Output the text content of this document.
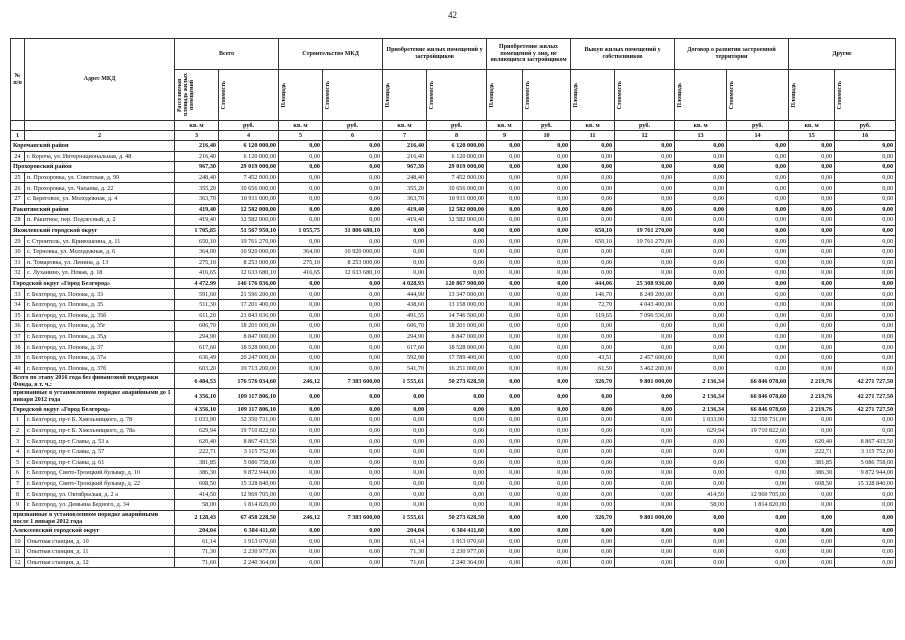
42
№ п/п	Адрес МКД	Всего		Строительство МКД		Приобретение жилых помещений у застройщиков		Приобретение жилых помещений у лиц, не являющихся застройщиком		Выкуп жилых помещений у собственников		Договор о развитии застроенной территории		Другие	

		Расселяемая площадь жилых помещений	Стоимость	Площадь	Стоимость	Площадь	Стоимость	Площадь	Стоимость	Площадь	Стоимость	Площадь	Стоимость	Площадь	Стоимость

		кв. м	руб.	кв. м	руб.	кв. м	руб.	кв. м	руб.	кв. м	руб.	кв. м	руб.	кв. м	руб.
1	2	3	4	5	6	7	8	9	10	11	12	13	14	15	16
Корочанский район		216,40	6 120 000,00	0,00	0,00	216,40	6 120 000,00	0,00	0,00	0,00	0,00	0,00	0,00	0,00	0,00
24	г. Короча, ул. Интернациональная, д. 48	216,40	6 120 000,00	0,00	0,00	216,40	6 120 000,00	0,00	0,00	0,00	0,00	0,00	0,00	0,00	0,00
Прохоровский район		967,30	29 019 000,00	0,00	0,00	967,30	29 019 000,00	0,00	0,00	0,00	0,00	0,00	0,00	0,00	0,00
25	п. Прохоровка, ул. Советская, д. 99	248,40	7 452 000,00	0,00	0,00	248,40	7 452 000,00	0,00	0,00	0,00	0,00	0,00	0,00	0,00	0,00
26	п. Прохоровка, ул. Чапаева, д. 22	355,20	10 656 000,00	0,00	0,00	355,20	10 656 000,00	0,00	0,00	0,00	0,00	0,00	0,00	0,00	0,00
27	с. Береговое, ул. Молодежная, д. 4	363,70	10 911 000,00	0,00	0,00	363,70	10 911 000,00	0,00	0,00	0,00	0,00	0,00	0,00	0,00	0,00
Ракитянский район		419,40	12 582 000,00	0,00	0,00	419,40	12 582 000,00	0,00	0,00	0,00	0,00	0,00	0,00	0,00	0,00
28	п. Ракитное, пер. Подлесный, д. 2	419,40	12 582 000,00	0,00	0,00	419,40	12 582 000,00	0,00	0,00	0,00	0,00	0,00	0,00	0,00	0,00
Яковлевский городской округ		1 705,85	51 567 950,10	1 055,75	31 806 680,10	0,00	0,00	0,00	0,00	650,10	19 761 270,00	0,00	0,00	0,00	0,00
29	г. Строитель, ул. Кривошеина, д. 11	650,10	19 761 270,00	0,00	0,00	0,00	0,00	0,00	0,00	650,10	19 761 270,00	0,00	0,00	0,00	0,00
30	с. Терновка, ул. Молодежная, д. 6	364,00	10 920 000,00	364,00	10 920 000,00	0,00	0,00	0,00	0,00	0,00	0,00	0,00	0,00	0,00	0,00
31	п. Томаровка, ул. Ленина, д. 13	275,10	8 253 000,00	275,10	8 253 000,00	0,00	0,00	0,00	0,00	0,00	0,00	0,00	0,00	0,00	0,00
32	с. Луханино, ул. Новая, д. 18	416,65	12 633 680,10	416,65	12 633 680,10	0,00	0,00	0,00	0,00	0,00	0,00	0,00	0,00	0,00	0,00
Городской округ «Город Белгород»		4 472,99	146 176 836,00	0,00	0,00	4 028,93	120 867 900,00	0,00	0,00	444,06	25 308 936,00	0,00	0,00	0,00	0,00
33	г. Белгород, ул. Попова, д. 33	591,60	21 596 200,00	0,00	0,00	444,90	13 347 000,00	0,00	0,00	146,70	8 249 200,00	0,00	0,00	0,00	0,00
34	г. Белгород, ул. Попова, д. 35	511,30	17 201 400,00	0,00	0,00	438,60	13 158 000,00	0,00	0,00	72,70	4 043 400,00	0,00	0,00	0,00	0,00
35	г. Белгород, ул. Попова, д. 35б	611,20	21 843 036,00	0,00	0,00	491,55	14 746 500,00	0,00	0,00	119,65	7 096 536,00	0,00	0,00	0,00	0,00
36	г. Белгород, ул. Попова, д. 35г	606,70	18 201 000,00	0,00	0,00	606,70	18 201 000,00	0,00	0,00	0,00	0,00	0,00	0,00	0,00	0,00
37	г. Белгород, ул. Попова, д. 35д	294,90	8 847 000,00	0,00	0,00	294,90	8 847 000,00	0,00	0,00	0,00	0,00	0,00	0,00	0,00	0,00
38	г. Белгород, ул. Попова, д. 37	617,60	18 528 000,00	0,00	0,00	617,60	18 528 000,00	0,00	0,00	0,00	0,00	0,00	0,00	0,00	0,00
39	г. Белгород, ул. Попова, д. 37а	636,49	20 247 000,00	0,00	0,00	592,98	17 789 400,00	0,00	0,00	43,51	2 457 600,00	0,00	0,00	0,00	0,00
40	г. Белгород, ул. Попова, д. 37б	603,20	19 713 200,00	0,00	0,00	541,70	16 251 000,00	0,00	0,00	61,50	3 462 200,00	0,00	0,00	0,00	0,00
Всего по этапу 2016 года без финансовой поддержки Фонда, в т. ч.:		6 484,53	176 576 034,60	246,12	7 383 600,00	1 555,61	50 273 628,50	0,00	0,00	326,70	9 801 000,00	2 136,34	66 846 078,60	2 219,76	42 271 727,50
признанные в установленном порядке аварийными до 1 января 2012 года		4 356,10	109 117 806,10	0,00	0,00	0,00	0,00	0,00	0,00	0,00	0,00	2 136,34	66 846 078,60	2 219,76	42 271 727,50
Городской округ «Город Белгород»		4 356,10	109 117 806,10	0,00	0,00	0,00	0,00	0,00	0,00	0,00	0,00	2 136,34	66 846 078,60	2 219,76	42 271 727,50
1	г. Белгород, пр-т Б. Хмельницкого, д. 78	1 033,90	32 350 731,00	0,00	0,00	0,00	0,00	0,00	0,00	0,00	0,00	1 033,90	32 350 731,00	0,00	0,00
2	г. Белгород, пр-т Б. Хмельницкого, д. 78а	629,94	19 710 822,60	0,00	0,00	0,00	0,00	0,00	0,00	0,00	0,00	629,94	19 710 822,60	0,00	0,00
3	г. Белгород, пр-т Славы, д. 53 а	620,40	8 867 433,50	0,00	0,00	0,00	0,00	0,00	0,00	0,00	0,00	0,00	0,00	620,40	8 867 433,50
4	г. Белгород, пр-т Славы, д. 57	222,71	3 115 752,00	0,00	0,00	0,00	0,00	0,00	0,00	0,00	0,00	0,00	0,00	222,71	3 115 752,00
5	г. Белгород, пр-т Славы, д. 61	381,85	5 086 758,00	0,00	0,00	0,00	0,00	0,00	0,00	0,00	0,00	0,00	0,00	381,85	5 086 758,00
6	г. Белгород, Свято-Троицкий бульвар, д. 10	386,30	9 872 944,00	0,00	0,00	0,00	0,00	0,00	0,00	0,00	0,00	0,00	0,00	386,30	9 872 944,00
7	г. Белгород, Свято-Троицкий бульвар, д. 22	608,50	15 328 840,00	0,00	0,00	0,00	0,00	0,00	0,00	0,00	0,00	0,00	0,00	608,50	15 328 840,00
8	г. Белгород, ул. Октябрьская, д. 2 а	414,50	12 969 705,00	0,00	0,00	0,00	0,00	0,00	0,00	0,00	0,00	414,50	12 969 705,00	0,00	0,00
9	г. Белгород, ул. Демьяна Бедного, д. 34	58,00	1 814 820,00	0,00	0,00	0,00	0,00	0,00	0,00	0,00	0,00	58,00	1 814 820,00	0,00	0,00
признанные в установленном порядке аварийными после 1 января 2012 года		2 128,43	67 458 228,50	246,12	7 383 600,00	1 555,61	50 273 628,50	0,00	0,00	326,70	9 801 000,00	0,00	0,00	0,00	0,00
Алексеевский городской округ		204,04	6 384 411,60	0,00	0,00	204,04	6 384 411,60	0,00	0,00	0,00	0,00	0,00	0,00	0,00	0,00
10	Опытная станция, д. 10	61,14	1 913 070,60	0,00	0,00	61,14	1 913 070,60	0,00	0,00	0,00	0,00	0,00	0,00	0,00	0,00
11	Опытная станция, д. 11	71,30	2 230 977,00	0,00	0,00	71,30	2 230 977,00	0,00	0,00	0,00	0,00	0,00	0,00	0,00	0,00
12	Опытная станция, д. 12	71,60	2 240 364,00	0,00	0,00	71,60	2 240 364,00	0,00	0,00	0,00	0,00	0,00	0,00	0,00	0,00
